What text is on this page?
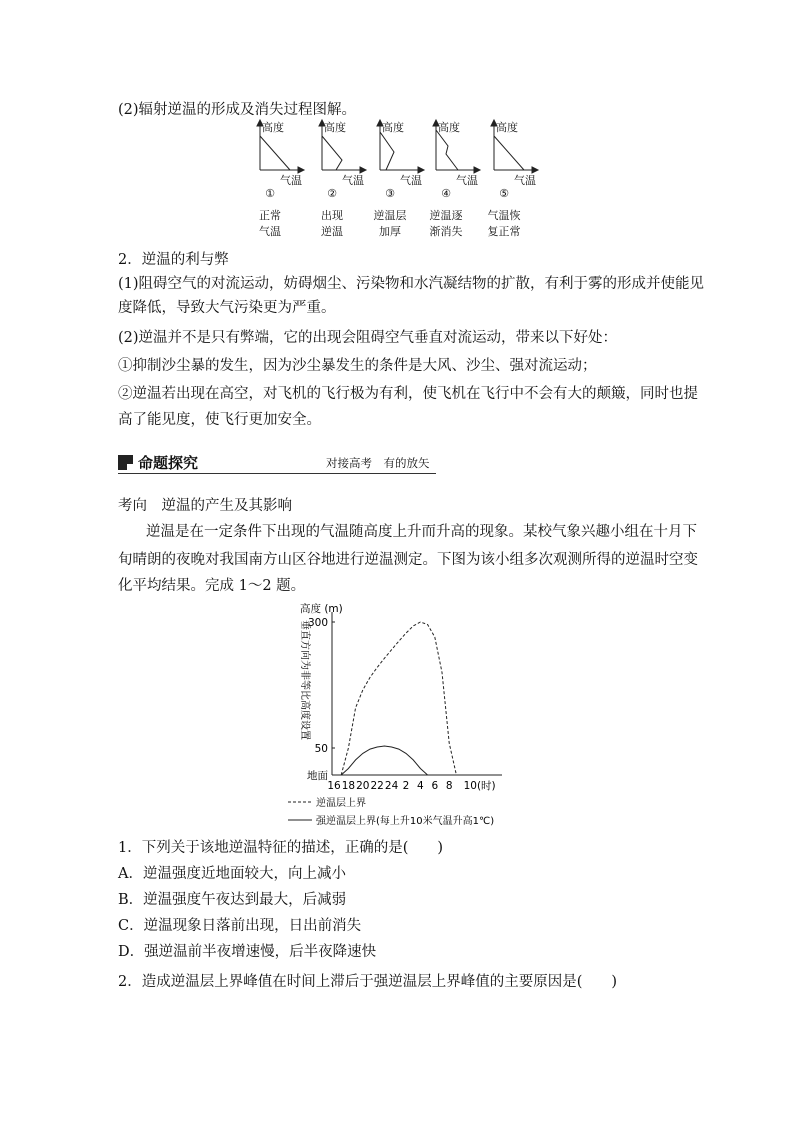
(2)辐射逆温的形成及消失过程图解。
高度	高度	高度	高度	高度
气温	气温	气温	气温	气温
①	②	③	④	⑤
正常
气温
出现
逆温
逆温层
加厚
逆温逐
渐消失
气温恢
复正常
2．逆温的利与弊
(1)阻碍空气的对流运动，妨碍烟尘、污染物和水汽凝结物的扩散，有利于雾的形成并使能见
度降低，导致大气污染更为严重。
(2)逆温并不是只有弊端，它的出现会阻碍空气垂直对流运动，带来以下好处：
①抑制沙尘暴的发生，因为沙尘暴发生的条件是大风、沙尘、强对流运动；
②逆温若出现在高空，对飞机的飞行极为有利，使飞机在飞行中不会有大的颠簸，同时也提
高了能见度，使飞行更加安全。
命题探究	对接高考　有的放矢
考向　逆温的产生及其影响
逆温是在一定条件下出现的气温随高度上升而升高的现象。某校气象兴趣小组在十月下
旬晴朗的夜晚对我国南方山区谷地进行逆温测定。下图为该小组多次观测所得的逆温时空变
化平均结果。完成 1～2 题。
高度 (m)
垂直方向为非等比高度设置
地面
50
300
16 18 20 22 24 2 4 6 8 10(时)
逆温层上界
强逆温层上界(每上升10米气温升高1℃)
1．下列关于该地逆温特征的描述，正确的是(　　)
A．逆温强度近地面较大，向上减小
B．逆温强度午夜达到最大，后减弱
C．逆温现象日落前出现，日出前消失
D．强逆温前半夜增速慢，后半夜降速快
2．造成逆温层上界峰值在时间上滞后于强逆温层上界峰值的主要原因是(　　)
